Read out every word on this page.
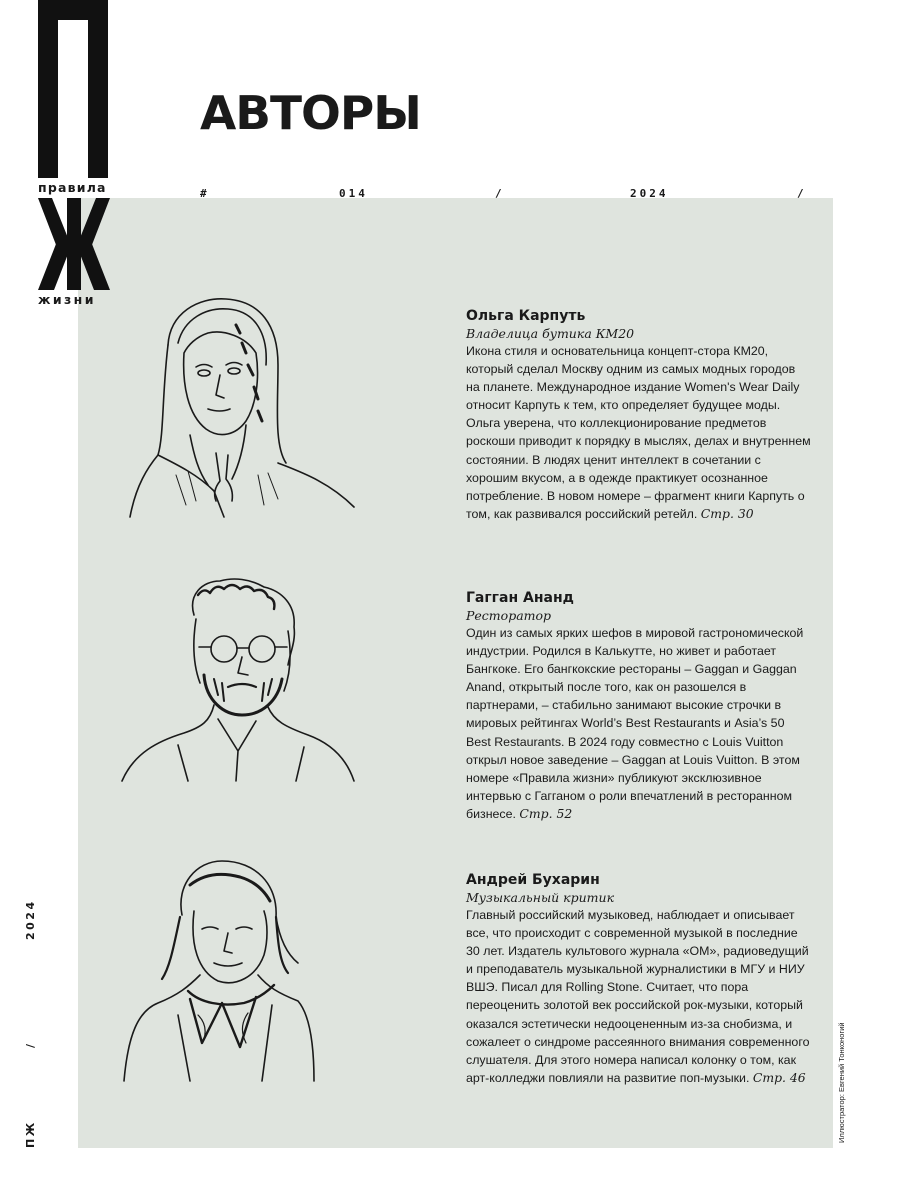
правила
жизни
АВТОРЫ
#	014	/	2024	/
2024
/
ПЖ	Иллюстратор: Евгений Тонконогий
Ольга Карпуть
Владелица бутика КМ20

Икона стиля и основательница концепт-стора КМ20, который сделал Москву одним из самых модных городов на планете. Международное издание Women's Wear Daily относит Карпуть к тем, кто определяет будущее моды. Ольга уверена, что коллекционирование предметов роскоши приводит к порядку в мыслях, делах и внутреннем состоянии. В людях ценит интеллект в сочетании с хорошим вкусом, а в одежде практикует осознанное потребление. В новом номере – фрагмент книги Карпуть о том, как развивался российский ретейл. Стр. 30

Гагган Ананд
Ресторатор

Один из самых ярких шефов в мировой гастрономической индустрии. Родился в Калькутте, но живет и работает Бангкоке. Его бангкокские рестораны – Gaggan и Gaggan Anand, открытый после того, как он разошелся в партнерами, – стабильно занимают высокие строчки в мировых рейтингах World’s Best Restaurants и Asia’s 50 Best Restaurants. В 2024 году совместно с Louis Vuitton открыл новое заведение – Gaggan at Louis Vuitton. В этом номере «Правила жизни» публикуют эксклюзивное интервью с Гагганом о роли впечатлений в ресторанном бизнесе. Стр. 52

Андрей Бухарин
Музыкальный критик

Главный российский музыковед, наблюдает и описывает все, что происходит с современной музыкой в последние 30 лет. Издатель культового журнала «ОМ», радиоведущий и преподаватель музыкальной журналистики в МГУ и НИУ ВШЭ. Писал для Rolling Stone. Считает, что пора переоценить золотой век российской рок-музыки, который оказался эстетически недооцененным из-за снобизма, и сожалеет о синдроме рассеянного внимания современного слушателя. Для этого номера написал колонку о том, как арт-колледжи повлияли на развитие поп-музыки. Стр. 46
